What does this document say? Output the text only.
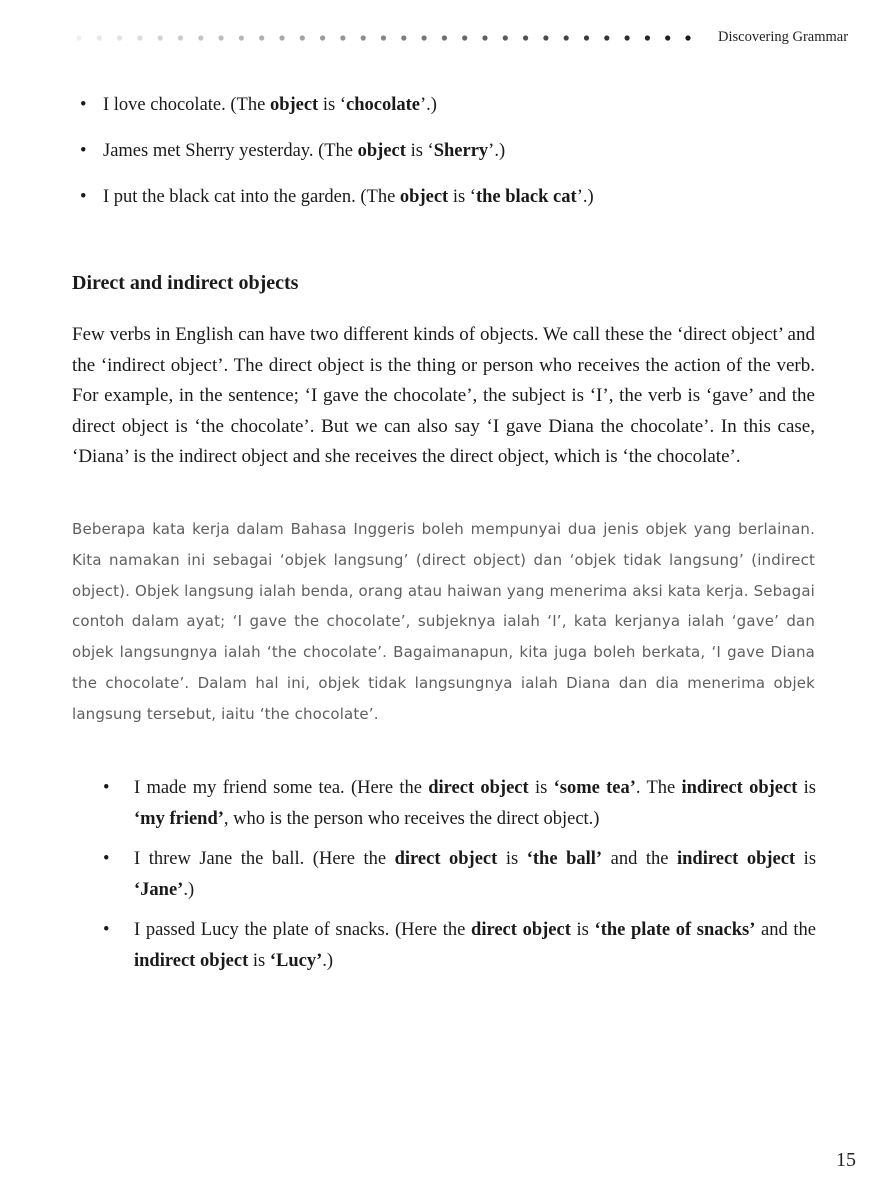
Discovering Grammar
• I love chocolate. (The object is ‘chocolate’.)
• James met Sherry yesterday. (The object is ‘Sherry’.)
• I put the black cat into the garden. (The object is ‘the black cat’.)
Direct and indirect objects

Few verbs in English can have two different kinds of objects. We call these the ‘direct object’ and the ‘indirect object’. The direct object is the thing or person who receives the action of the verb. For example, in the sentence; ‘I gave the chocolate’, the subject is ‘I’, the verb is ‘gave’ and the direct object is ‘the chocolate’. But we can also say ‘I gave Diana the chocolate’. In this case, ‘Diana’ is the indirect object and she receives the direct object, which is ‘the chocolate’.

Beberapa kata kerja dalam Bahasa Inggeris boleh mempunyai dua jenis objek yang berlainan. Kita namakan ini sebagai ‘objek langsung’ (direct object) dan ‘objek tidak langsung’ (indirect object). Objek langsung ialah benda, orang atau haiwan yang menerima aksi kata kerja. Sebagai contoh dalam ayat; ‘I gave the chocolate’, subjeknya ialah ‘I’, kata kerjanya ialah ‘gave’ dan objek langsungnya ialah ‘the chocolate’. Bagaimanapun, kita juga boleh berkata, ‘I gave Diana the chocolate’. Dalam hal ini, objek tidak langsungnya ialah Diana dan dia menerima objek langsung tersebut, iaitu ‘the chocolate’.

• I made my friend some tea. (Here the direct object is ‘some tea’. The indirect object is ‘my friend’, who is the person who receives the direct object.)
• I threw Jane the ball. (Here the direct object is ‘the ball’ and the indirect object is ‘Jane’.)
• I passed Lucy the plate of snacks. (Here the direct object is ‘the plate of snacks’ and the indirect object is ‘Lucy’.)
15
